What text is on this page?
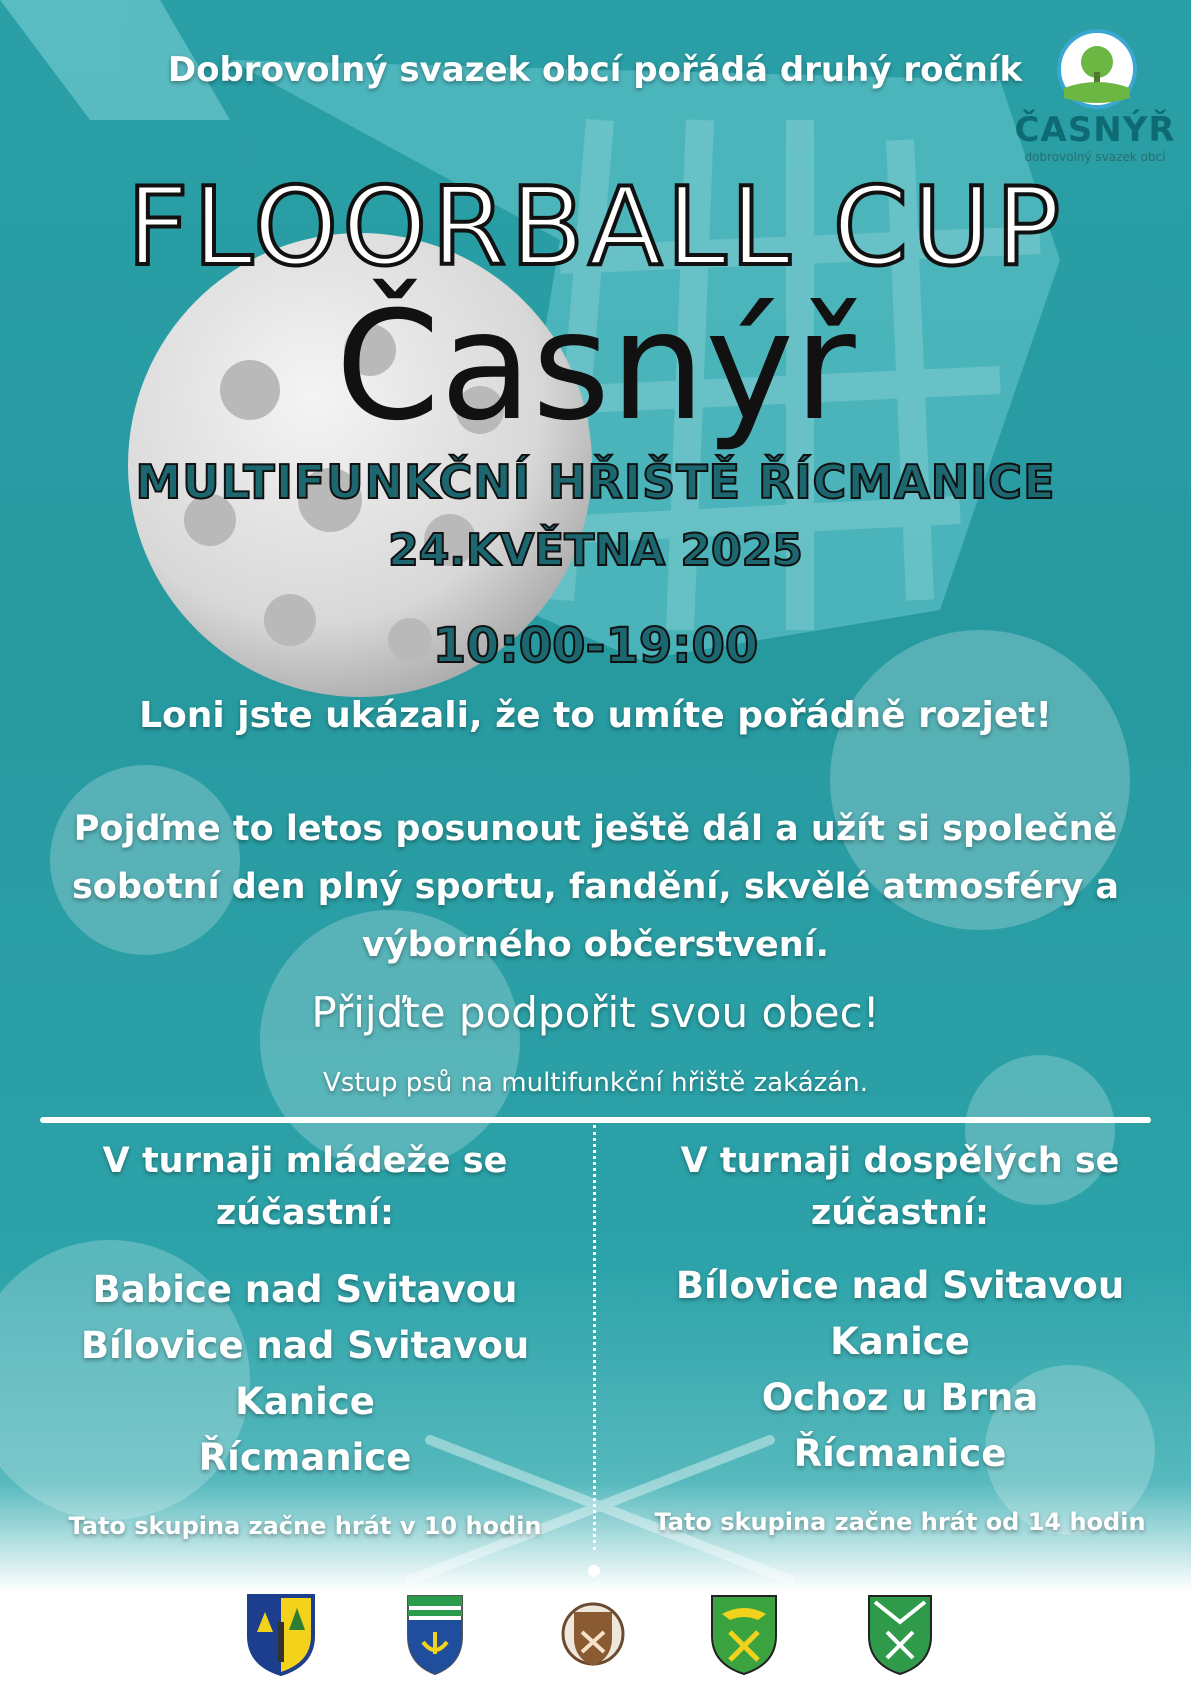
Dobrovolný svazek obcí pořádá druhý ročník
ČASNÝŘ
dobrovolný svazek obcí
FLOORBALL CUP
Časnýř
MULTIFUNKČNÍ HŘIŠTĚ ŘÍCMANICE
24.KVĚTNA 2025
10:00-19:00
Loni jste ukázali, že to umíte pořádně rozjet!
Pojďme to letos posunout ještě dál a užít si společně
sobotní den plný sportu, fandění, skvělé atmosféry a
výborného občerstvení.
Přijďte podpořit svou obec!
Vstup psů na multifunkční hřiště zakázán.
V turnaji mládeže se
zúčastní:
Babice nad Svitavou
Bílovice nad Svitavou
Kanice
Řícmanice
Tato skupina začne hrát v 10 hodin
V turnaji dospělých se
zúčastní:
Bílovice nad Svitavou
Kanice
Ochoz u Brna
Řícmanice
Tato skupina začne hrát od 14 hodin
